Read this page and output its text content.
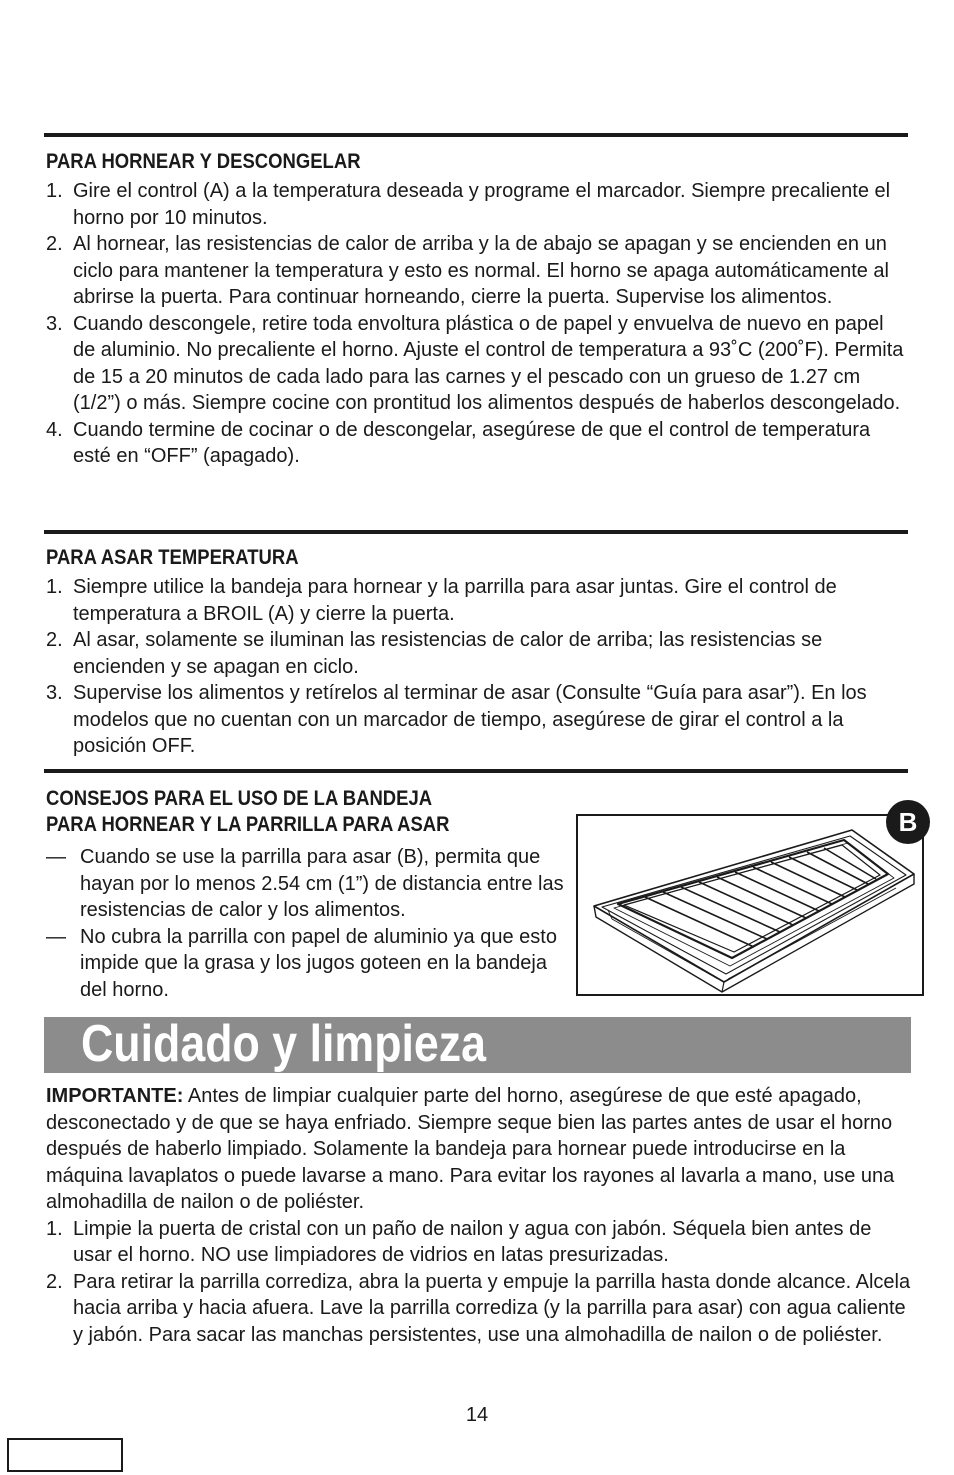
PARA HORNEAR Y DESCONGELAR
1. Gire el control (A) a la temperatura deseada y programe el marcador. Siempre precaliente el horno por 10 minutos.
2. Al hornear, las resistencias de calor de arriba y la de abajo se apagan y se encienden en un ciclo para mantener la temperatura y esto es normal. El horno se apaga automáticamente al abrirse la puerta. Para continuar horneando, cierre la puerta. Supervise los alimentos.
3. Cuando descongele, retire toda envoltura plástica o de papel y envuelva de nuevo en papel de aluminio. No precaliente el horno. Ajuste el control de temperatura a 93˚C (200˚F). Permita de 15 a 20 minutos de cada lado para las carnes y el pescado con un grueso de 1.27 cm (1/2”) o más. Siempre cocine con prontitud los alimentos después de haberlos descongelado.
4. Cuando termine de cocinar o de descongelar, asegúrese de que el control de temperatura esté en “OFF” (apagado).
PARA ASAR TEMPERATURA
1. Siempre utilice la bandeja para hornear y la parrilla para asar juntas. Gire el control de temperatura a BROIL (A) y cierre la puerta.
2. Al asar, solamente se iluminan las resistencias de calor de arriba; las resistencias se encienden y se apagan en ciclo.
3. Supervise los alimentos y retírelos al terminar de asar (Consulte “Guía para asar”). En los modelos que no cuentan con un marcador de tiempo, asegúrese de girar el control a la posición OFF.
CONSEJOS PARA EL USO DE LA BANDEJA
PARA HORNEAR Y LA PARRILLA PARA ASAR
— Cuando se use la parrilla para asar (B), permita que hayan por lo menos 2.54 cm (1”) de distancia entre las resistencias de calor y los alimentos.
— No cubra la parrilla con papel de aluminio ya que esto impide que la grasa y los jugos goteen en la bandeja del horno.
B
Cuidado y limpieza

IMPORTANTE: Antes de limpiar cualquier parte del horno, asegúrese de que esté apagado, desconectado y de que se haya enfriado. Siempre seque bien las partes antes de usar el horno después de haberlo limpiado. Solamente la bandeja para hornear puede introducirse en la máquina lavaplatos o puede lavarse a mano. Para evitar los rayones al lavarla a mano, use una almohadilla de nailon o de poliéster.

1. Limpie la puerta de cristal con un paño de nailon y agua con jabón. Séquela bien antes de usar el horno. NO use limpiadores de vidrios en latas presurizadas.
2. Para retirar la parrilla corrediza, abra la puerta y empuje la parrilla hasta donde alcance. Alcela hacia arriba y hacia afuera. Lave la parrilla corrediza (y la parrilla para asar) con agua caliente y jabón. Para sacar las manchas persistentes, use una almohadilla de nailon o de poliéster.
14
